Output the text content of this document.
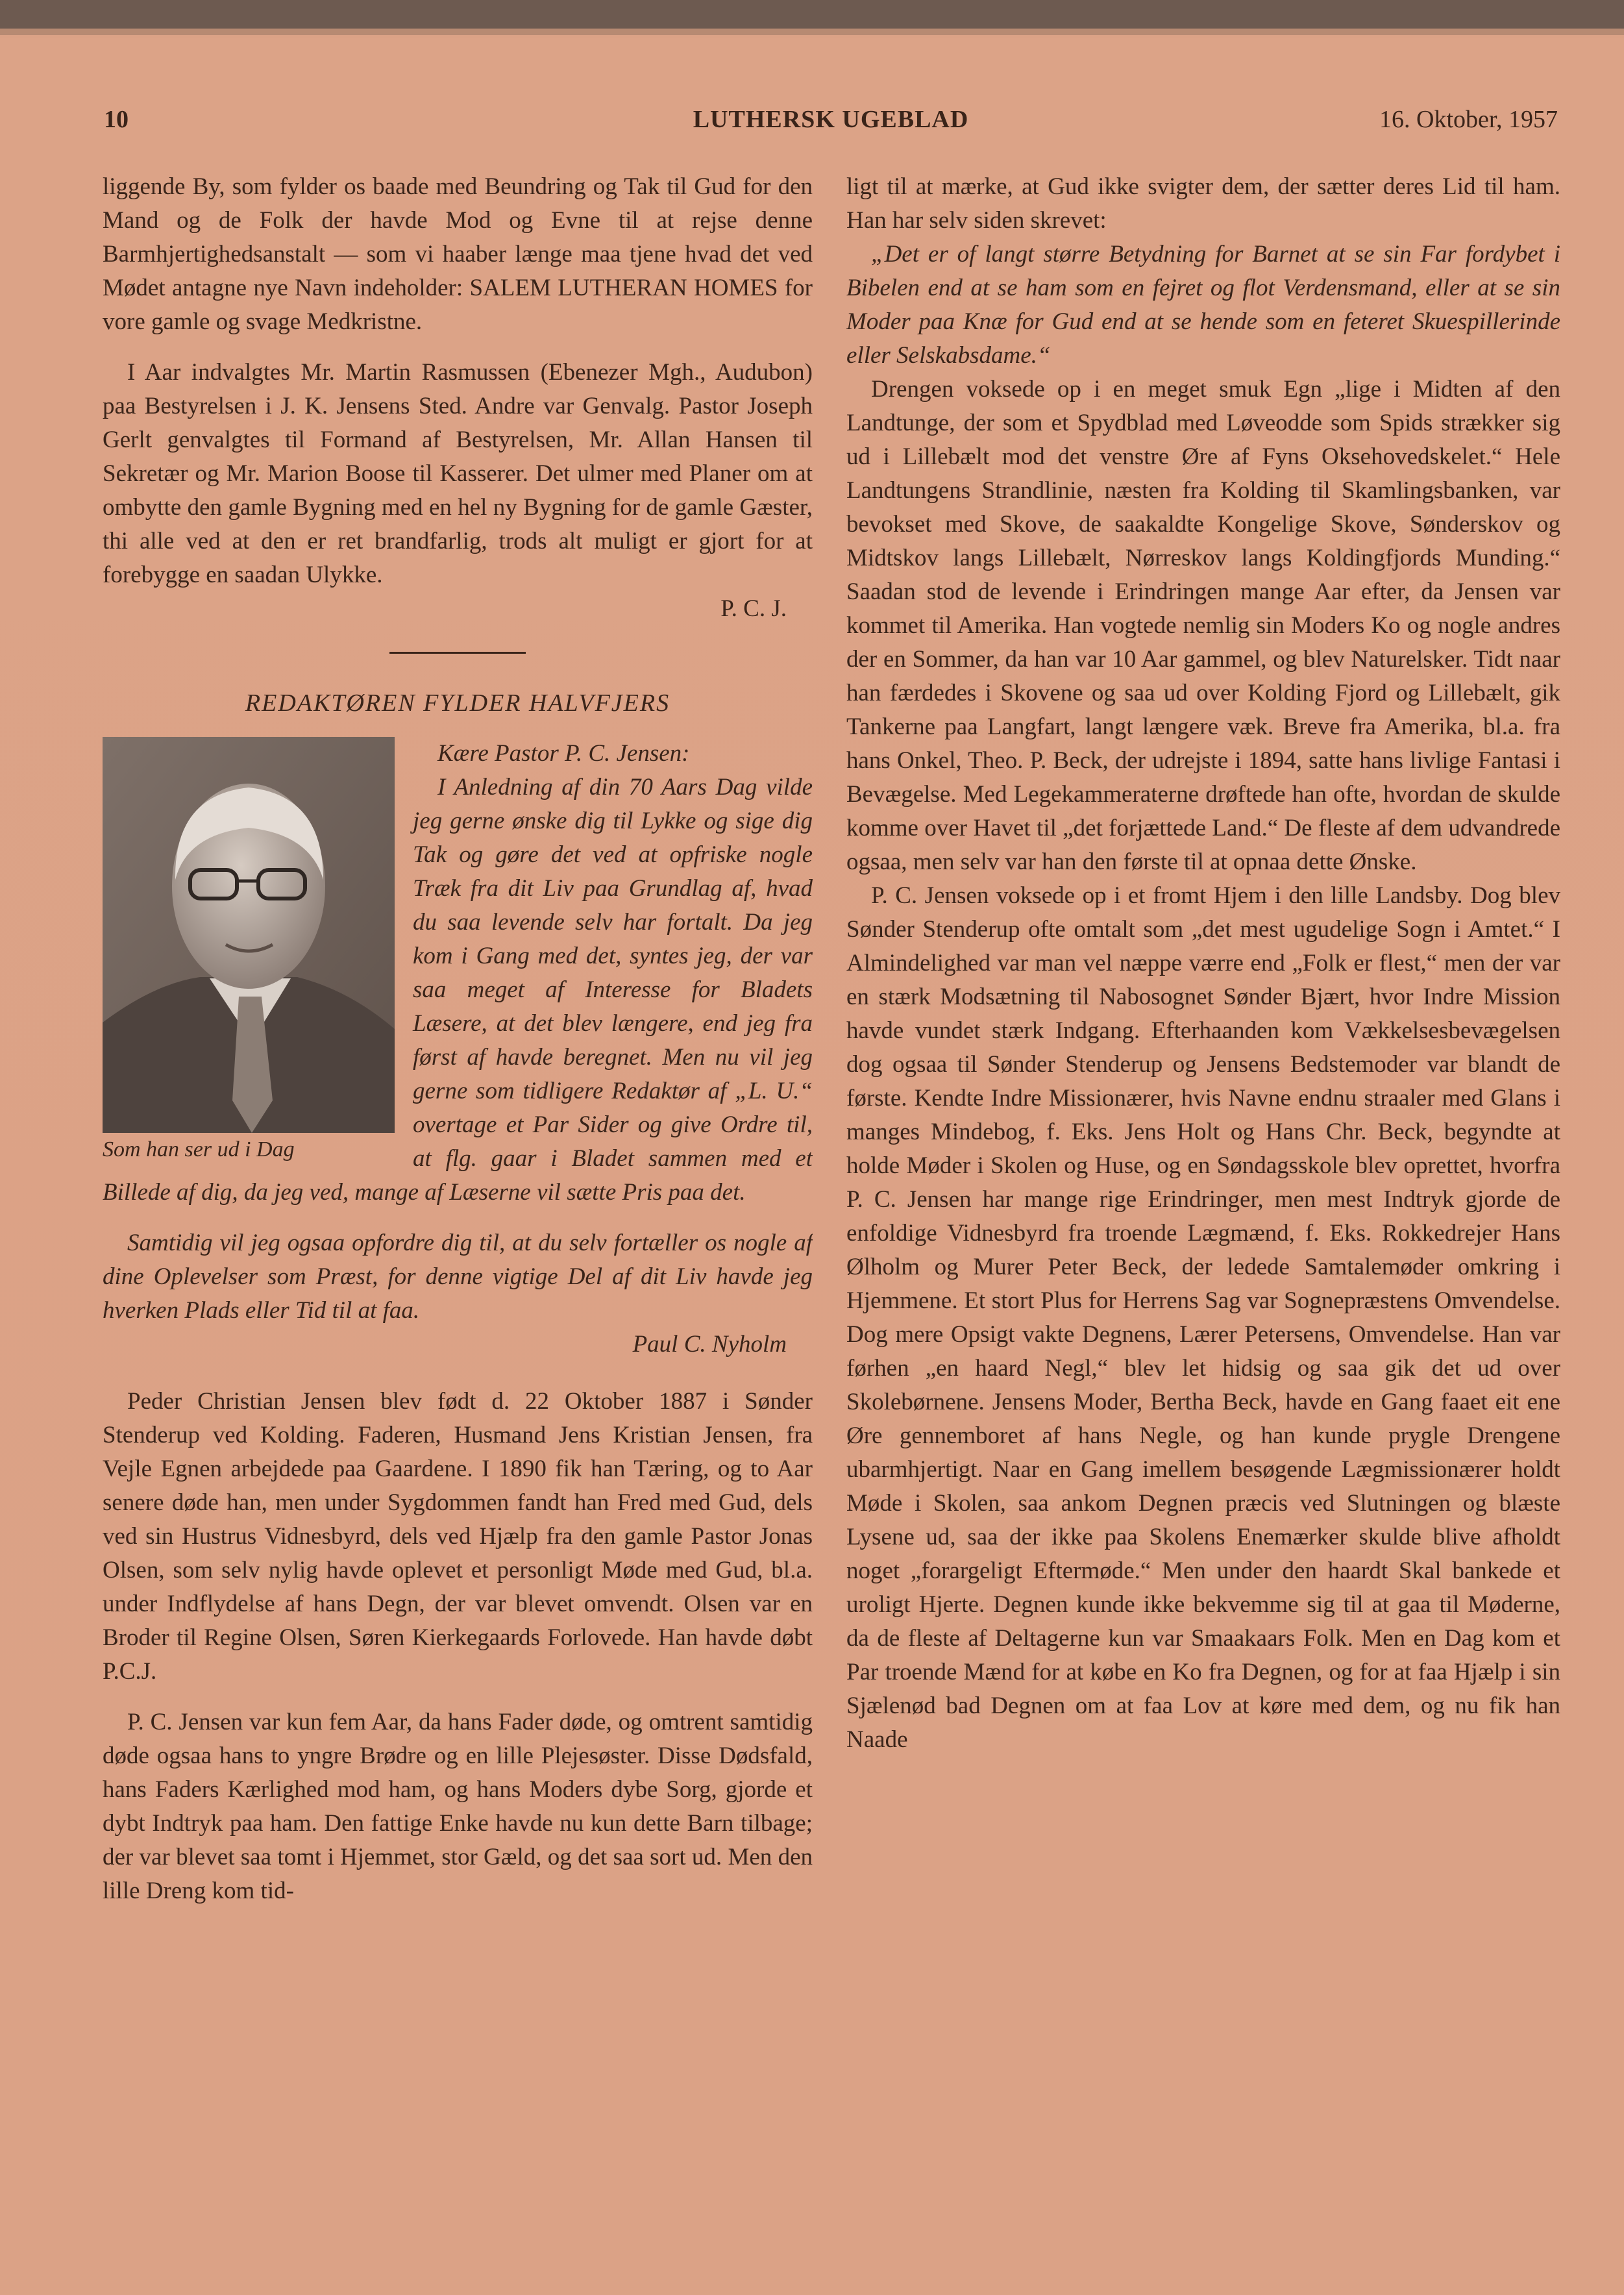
10	LUTHERSK UGEBLAD	16. Oktober, 1957

liggende By, som fylder os baade med Beundring og Tak til Gud for den Mand og de Folk der havde Mod og Evne til at rejse denne Barmhjertighedsanstalt — som vi haaber længe maa tjene hvad det ved Mødet antagne nye Navn indeholder: SALEM LUTHERAN HOMES for vore gamle og svage Medkristne.

I Aar indvalgtes Mr. Martin Rasmussen (Ebenezer Mgh., Audubon) paa Bestyrelsen i J. K. Jensens Sted. Andre var Genvalg. Pastor Joseph Gerlt genvalgtes til Formand af Bestyrelsen, Mr. Allan Hansen til Sekretær og Mr. Marion Boose til Kasserer. Det ulmer med Planer om at ombytte den gamle Bygning med en hel ny Bygning for de gamle Gæster, thi alle ved at den er ret brandfarlig, trods alt muligt er gjort for at forebygge en saadan Ulykke.

P. C. J.

REDAKTØREN FYLDER HALVFJERS
Som han ser ud i Dag

Kære Pastor P. C. Jensen:

I Anledning af din 70 Aars Dag vilde jeg gerne ønske dig til Lykke og sige dig Tak og gøre det ved at opfriske nogle Træk fra dit Liv paa Grundlag af, hvad du saa levende selv har fortalt. Da jeg kom i Gang med det, syntes jeg, der var saa meget af Interesse for Bladets Læsere, at det blev længere, end jeg fra først af havde beregnet. Men nu vil jeg gerne som tidligere Redaktør af „L. U.“ overtage et Par Sider og give Ordre til, at flg. gaar i Bladet sammen med et Billede af dig, da jeg ved, mange af Læserne vil sætte Pris paa det.

Samtidig vil jeg ogsaa opfordre dig til, at du selv fortæller os nogle af dine Oplevelser som Præst, for denne vigtige Del af dit Liv havde jeg hverken Plads eller Tid til at faa.

Paul C. Nyholm

Peder Christian Jensen blev født d. 22 Oktober 1887 i Sønder Stenderup ved Kolding. Faderen, Husmand Jens Kristian Jensen, fra Vejle Egnen arbejdede paa Gaardene. I 1890 fik han Tæring, og to Aar senere døde han, men under Sygdommen fandt han Fred med Gud, dels ved sin Hustrus Vidnesbyrd, dels ved Hjælp fra den gamle Pastor Jonas Olsen, som selv nylig havde oplevet et personligt Møde med Gud, bl.a. under Indflydelse af hans Degn, der var blevet omvendt. Olsen var en Broder til Regine Olsen, Søren Kierkegaards Forlovede. Han havde døbt P.C.J.

P. C. Jensen var kun fem Aar, da hans Fader døde, og omtrent samtidig døde ogsaa hans to yngre Brødre og en lille Plejesøster. Disse Dødsfald, hans Faders Kærlighed mod ham, og hans Moders dybe Sorg, gjorde et dybt Indtryk paa ham. Den fattige Enke havde nu kun dette Barn tilbage; der var blevet saa tomt i Hjemmet, stor Gæld, og det saa sort ud. Men den lille Dreng kom tid-

ligt til at mærke, at Gud ikke svigter dem, der sætter deres Lid til ham. Han har selv siden skrevet:

„Det er of langt større Betydning for Barnet at se sin Far fordybet i Bibelen end at se ham som en fejret og flot Verdensmand, eller at se sin Moder paa Knæ for Gud end at se hende som en feteret Skuespillerinde eller Selskabsdame.“

Drengen voksede op i en meget smuk Egn „lige i Midten af den Landtunge, der som et Spydblad med Løveodde som Spids strækker sig ud i Lillebælt mod det venstre Øre af Fyns Oksehovedskelet.“ Hele Landtungens Strandlinie, næsten fra Kolding til Skamlingsbanken, var bevokset med Skove, de saakaldte Kongelige Skove, Sønderskov og Midtskov langs Lillebælt, Nørreskov langs Koldingfjords Munding.“ Saadan stod de levende i Erindringen mange Aar efter, da Jensen var kommet til Amerika. Han vogtede nemlig sin Moders Ko og nogle andres der en Sommer, da han var 10 Aar gammel, og blev Naturelsker. Tidt naar han færdedes i Skovene og saa ud over Kolding Fjord og Lillebælt, gik Tankerne paa Langfart, langt længere væk. Breve fra Amerika, bl.a. fra hans Onkel, Theo. P. Beck, der udrejste i 1894, satte hans livlige Fantasi i Bevægelse. Med Legekammeraterne drøftede han ofte, hvordan de skulde komme over Havet til „det forjættede Land.“ De fleste af dem udvandrede ogsaa, men selv var han den første til at opnaa dette Ønske.

P. C. Jensen voksede op i et fromt Hjem i den lille Landsby. Dog blev Sønder Stenderup ofte omtalt som „det mest ugudelige Sogn i Amtet.“ I Almindelighed var man vel næppe værre end „Folk er flest,“ men der var en stærk Modsætning til Nabosognet Sønder Bjært, hvor Indre Mission havde vundet stærk Indgang. Efterhaanden kom Vækkelsesbevægelsen dog ogsaa til Sønder Stenderup og Jensens Bedstemoder var blandt de første. Kendte Indre Missionærer, hvis Navne endnu straaler med Glans i manges Mindebog, f. Eks. Jens Holt og Hans Chr. Beck, begyndte at holde Møder i Skolen og Huse, og en Søndagsskole blev oprettet, hvorfra P. C. Jensen har mange rige Erindringer, men mest Indtryk gjorde de enfoldige Vidnesbyrd fra troende Lægmænd, f. Eks. Rokkedrejer Hans Ølholm og Murer Peter Beck, der ledede Samtalemøder omkring i Hjemmene. Et stort Plus for Herrens Sag var Sognepræstens Omvendelse. Dog mere Opsigt vakte Degnens, Lærer Petersens, Omvendelse. Han var førhen „en haard Negl,“ blev let hidsig og saa gik det ud over Skolebørnene. Jensens Moder, Bertha Beck, havde en Gang faaet eit ene Øre gennemboret af hans Negle, og han kunde prygle Drengene ubarmhjertigt. Naar en Gang imellem besøgende Lægmissionærer holdt Møde i Skolen, saa ankom Degnen præcis ved Slutningen og blæste Lysene ud, saa der ikke paa Skolens Enemærker skulde blive afholdt noget „forargeligt Eftermøde.“ Men under den haardt Skal bankede et uroligt Hjerte. Degnen kunde ikke bekvemme sig til at gaa til Møderne, da de fleste af Deltagerne kun var Smaakaars Folk. Men en Dag kom et Par troende Mænd for at købe en Ko fra Degnen, og for at faa Hjælp i sin Sjælenød bad Degnen om at faa Lov at køre med dem, og nu fik han Naade
